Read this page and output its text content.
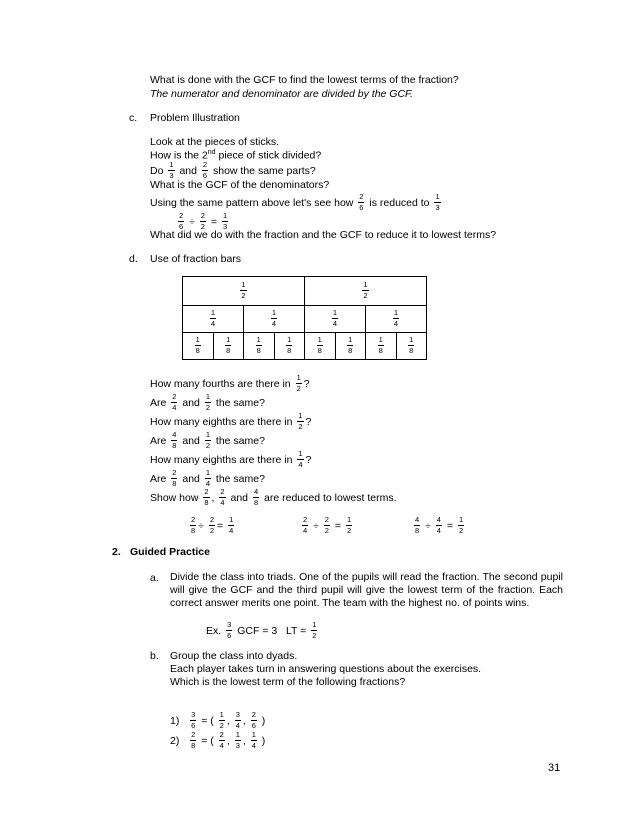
What is done with the GCF to find the lowest terms of the fraction?
The numerator and denominator are divided by the GCF.
c. Problem Illustration
Look at the pieces of sticks.
How is the 2nd piece of stick divided?
Do $\frac{1}{3}$ and $\frac{2}{6}$ show the same parts?
What is the GCF of the denominators?
Using the same pattern above let's see how $\frac{2}{6}$ is reduced to $\frac{1}{3}$
$\frac{2}{6} \div \frac{2}{2} = \frac{1}{3}$
What did we do with the fraction and the GCF to reduce it to lowest terms?
d. Use of fraction bars
$\frac{1}{2}$				$\frac{1}{2}$

$\frac{1}{4}$		$\frac{1}{4}$		$\frac{1}{4}$		$\frac{1}{4}$

$\frac{1}{8}$	$\frac{1}{8}$	$\frac{1}{8}$	$\frac{1}{8}$	$\frac{1}{8}$	$\frac{1}{8}$	$\frac{1}{8}$	$\frac{1}{8}$
How many fourths are there in $\frac{1}{2}$ ?
Are $\frac{2}{4}$ and $\frac{1}{2}$ the same?
How many eighths are there in $\frac{1}{2}$ ?
Are $\frac{4}{8}$ and $\frac{1}{2}$ the same?
How many eighths are there in $\frac{1}{4}$ ?
Are $\frac{2}{8}$ and $\frac{1}{4}$ the same?
Show how $\frac{2}{8}$ , $\frac{2}{4}$ and $\frac{4}{8}$ are reduced to lowest terms.
$\frac{2}{8} \div \frac{2}{2} = \frac{1}{4}$	$\frac{2}{4} \div \frac{2}{2} = \frac{1}{2}$	$\frac{4}{8} \div \frac{4}{4} = \frac{1}{2}$
2. Guided Practice
a. Divide the class into triads. One of the pupils will read the fraction. The second pupil will give the GCF and the third pupil will give the lowest term of the fraction. Each correct answer merits one point. The team with the highest no. of points wins.
Ex. $\frac{3}{6}$ GCF = 3 LT = $\frac{1}{2}$
b. Group the class into dyads.
Each player takes turn in answering questions about the exercises.
Which is the lowest term of the following fractions?
$1) \frac{3}{6}$ = ( $\frac{1}{2}$ , $\frac{3}{4}$ , $\frac{2}{6}$ )
$2) \frac{2}{8}$ = ( $\frac{2}{4}$ , $\frac{1}{3}$ , $\frac{1}{4}$ )
31
